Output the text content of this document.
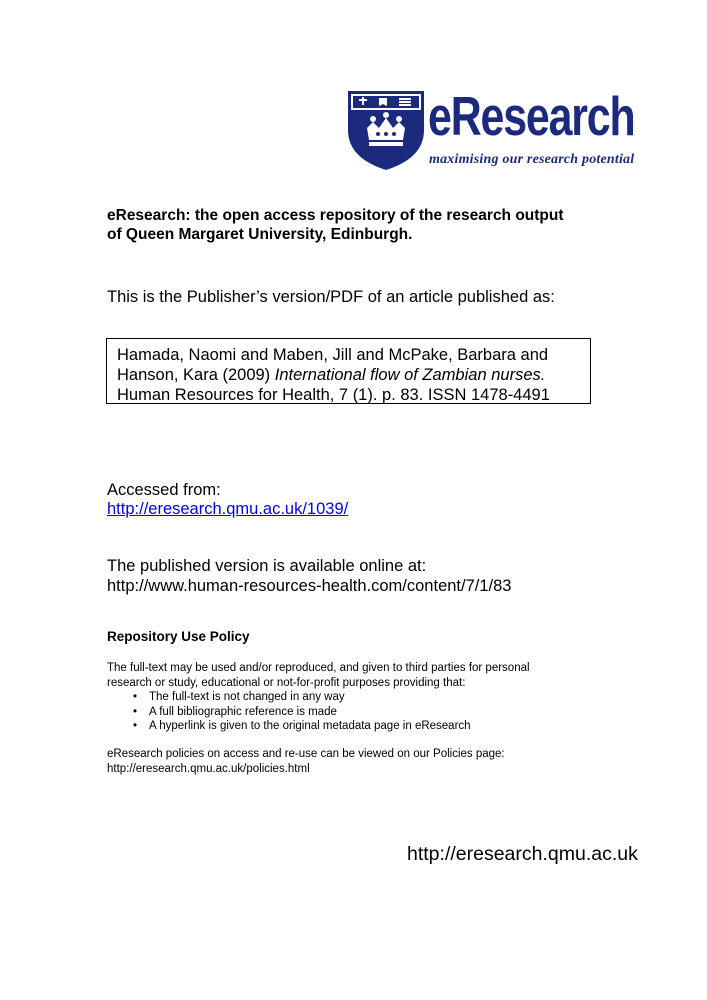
eResearch
maximising our research potential
eResearch: the open access repository of the research output
of Queen Margaret University, Edinburgh.
This is the Publisher’s version/PDF of an article published as:
Hamada, Naomi and Maben, Jill and McPake, Barbara and
Hanson, Kara (2009) International flow of Zambian nurses.
Human Resources for Health, 7 (1). p. 83. ISSN 1478-4491
Accessed from:
http://eresearch.qmu.ac.uk/1039/
The published version is available online at:
http://www.human-resources-health.com/content/7/1/83
Repository Use Policy
The full-text may be used and/or reproduced, and given to third parties for personal
research or study, educational or not-for-profit purposes providing that:
• The full-text is not changed in any way
• A full bibliographic reference is made
• A hyperlink is given to the original metadata page in eResearch
eResearch policies on access and re-use can be viewed on our Policies page:
http://eresearch.qmu.ac.uk/policies.html
http://eresearch.qmu.ac.uk
